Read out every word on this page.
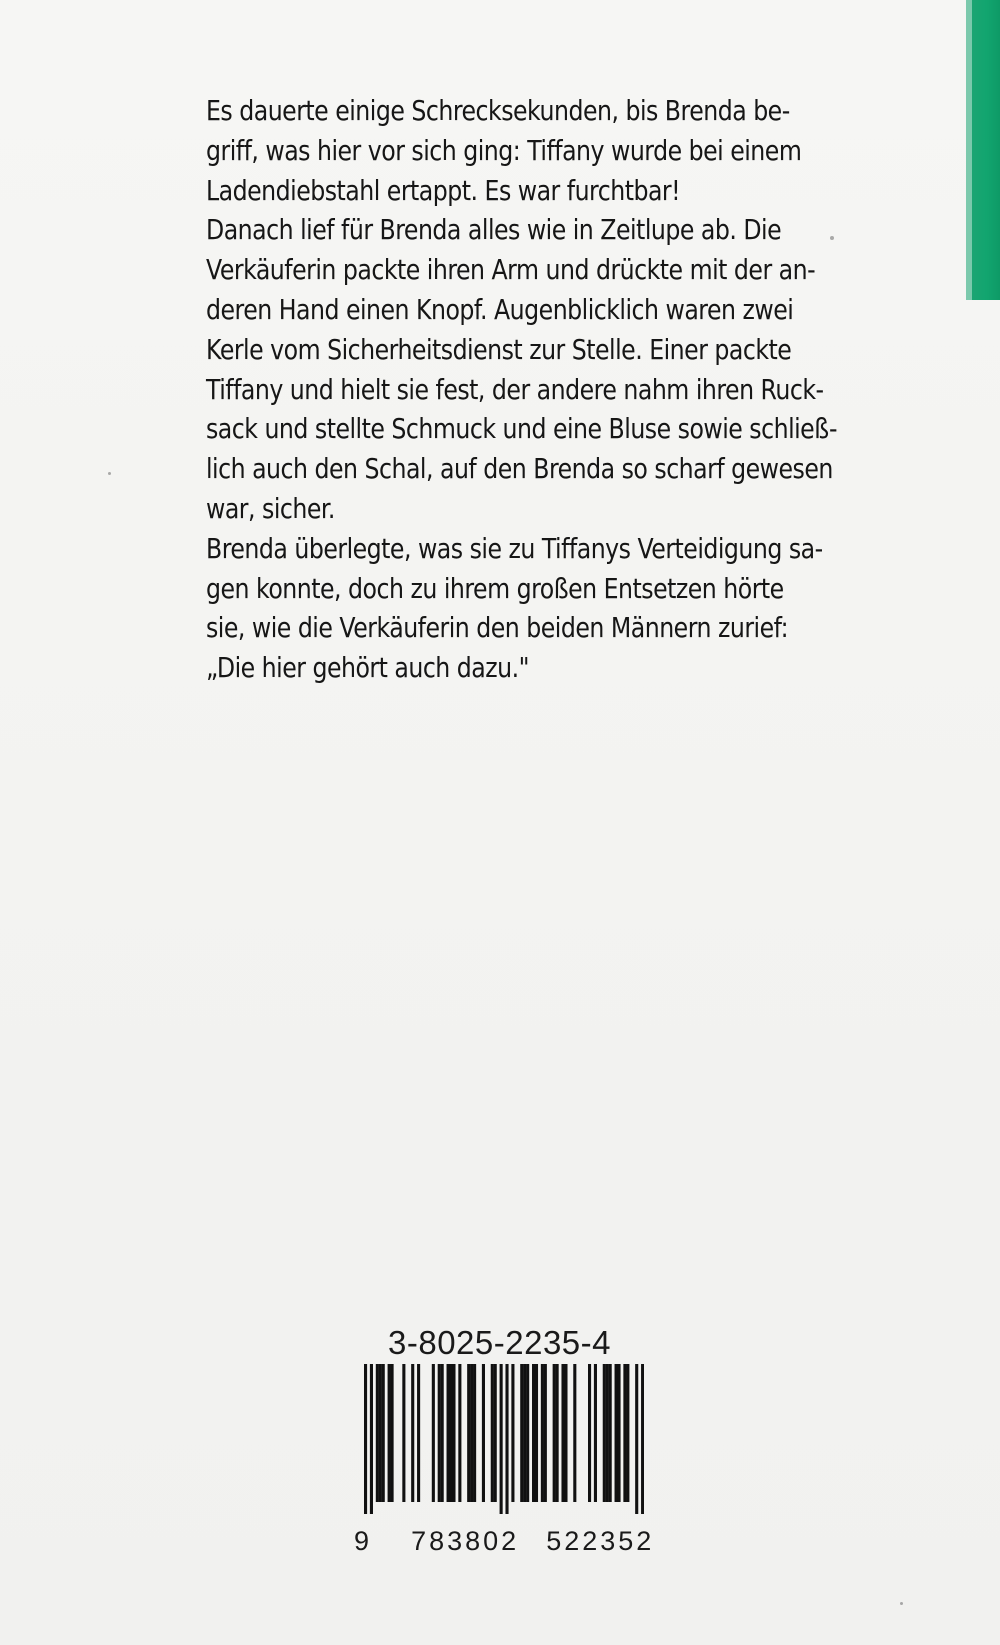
Es dauerte einige Schrecksekunden, bis Brenda be-
griff, was hier vor sich ging: Tiffany wurde bei einem
Ladendiebstahl ertappt. Es war furchtbar!
Danach lief für Brenda alles wie in Zeitlupe ab. Die
Verkäuferin packte ihren Arm und drückte mit der an-
deren Hand einen Knopf. Augenblicklich waren zwei
Kerle vom Sicherheitsdienst zur Stelle. Einer packte
Tiffany und hielt sie fest, der andere nahm ihren Ruck-
sack und stellte Schmuck und eine Bluse sowie schließ-
lich auch den Schal, auf den Brenda so scharf gewesen
war, sicher.
Brenda überlegte, was sie zu Tiffanys Verteidigung sa-
gen konnte, doch zu ihrem großen Entsetzen hörte
sie, wie die Verkäuferin den beiden Männern zurief:
„Die hier gehört auch dazu."
3-8025-2235-4
9 783802 522352
